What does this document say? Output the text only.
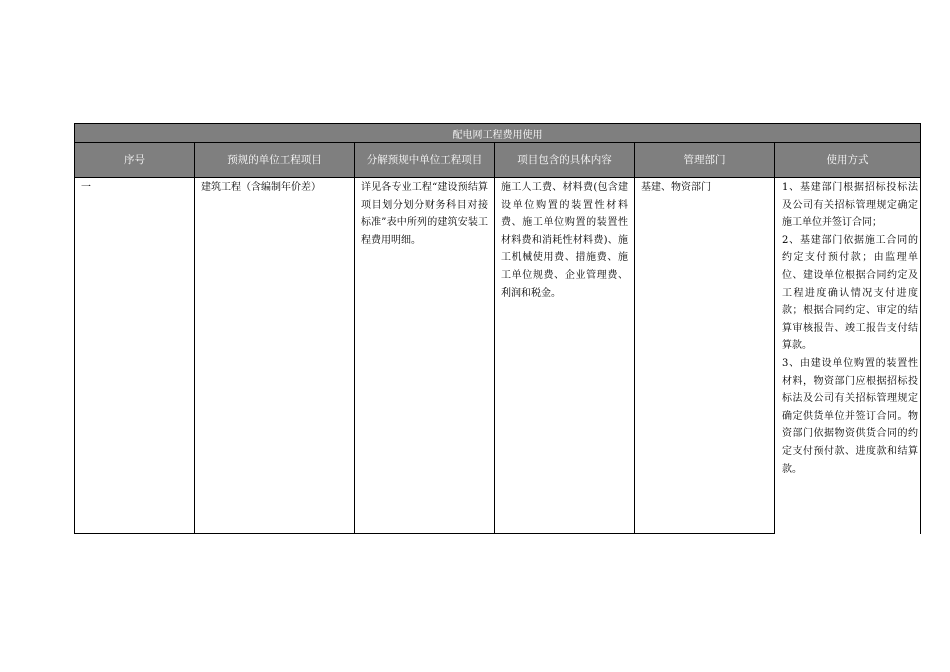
配电网工程费用使用					
序号	预规的单位工程项目	分解预规中单位工程项目	项目包含的具体内容	管理部门	使用方式

一	建筑工程（含编制年价差）	详见各专业工程“建设预结算项目划分划分财务科目对接标准”表中所列的建筑安装工程费用明细。	施工人工费、材料费(包含建设单位购置的装置性材料费、施工单位购置的装置性材料费和消耗性材料费)、施工机械使用费、措施费、施工单位规费、企业管理费、利润和税金。	基建、物资部门	1、基建部门根据招标投标法及公司有关招标管理规定确定施工单位并签订合同；

2、基建部门依据施工合同的约定支付预付款；由监理单位、建设单位根据合同约定及工程进度确认情况支付进度款；根据合同约定、审定的结算审核报告、竣工报告支付结算款。

3、由建设单位购置的装置性材料，物资部门应根据招标投标法及公司有关招标管理规定确定供货单位并签订合同。物资部门依据物资供货合同的约定支付预付款、进度款和结算款。
